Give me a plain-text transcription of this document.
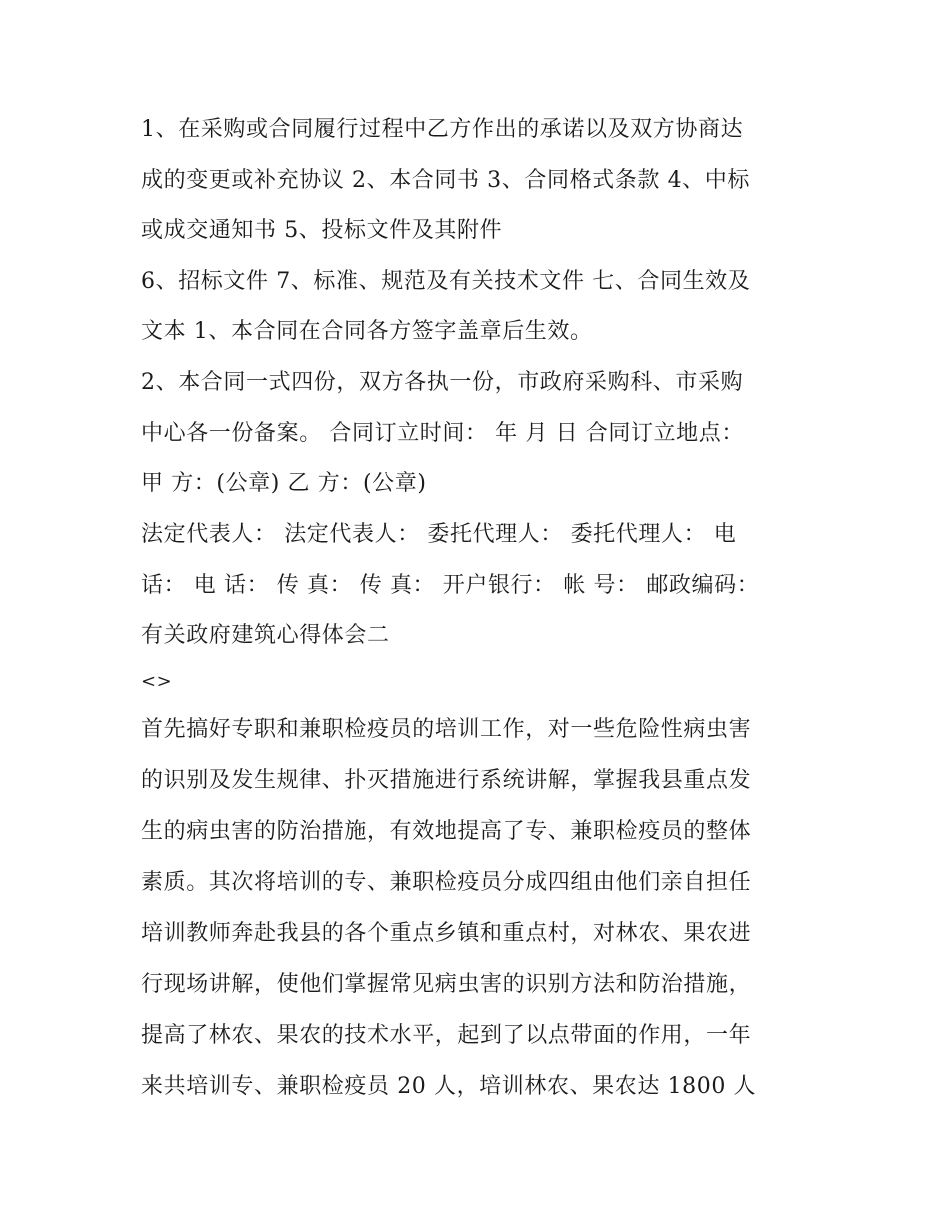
1、在采购或合同履行过程中乙方作出的承诺以及双方协商达
成的变更或补充协议 2、本合同书 3、合同格式条款 4、中标
或成交通知书 5、投标文件及其附件
6、招标文件 7、标准、规范及有关技术文件 七、合同生效及
文本 1、本合同在合同各方签字盖章后生效。
2、本合同一式四份，双方各执一份，市政府采购科、市采购
中心各一份备案。 合同订立时间： 年 月 日 合同订立地点：
甲 方：(公章) 乙 方：(公章)
法定代表人： 法定代表人： 委托代理人： 委托代理人： 电
话： 电 话： 传 真： 传 真： 开户银行： 帐 号： 邮政编码：
有关政府建筑心得体会二
<>
首先搞好专职和兼职检疫员的培训工作，对一些危险性病虫害
的识别及发生规律、扑灭措施进行系统讲解，掌握我县重点发
生的病虫害的防治措施，有效地提高了专、兼职检疫员的整体
素质。其次将培训的专、兼职检疫员分成四组由他们亲自担任
培训教师奔赴我县的各个重点乡镇和重点村，对林农、果农进
行现场讲解，使他们掌握常见病虫害的识别方法和防治措施，
提高了林农、果农的技术水平，起到了以点带面的作用，一年
来共培训专、兼职检疫员 20 人，培训林农、果农达 1800 人
